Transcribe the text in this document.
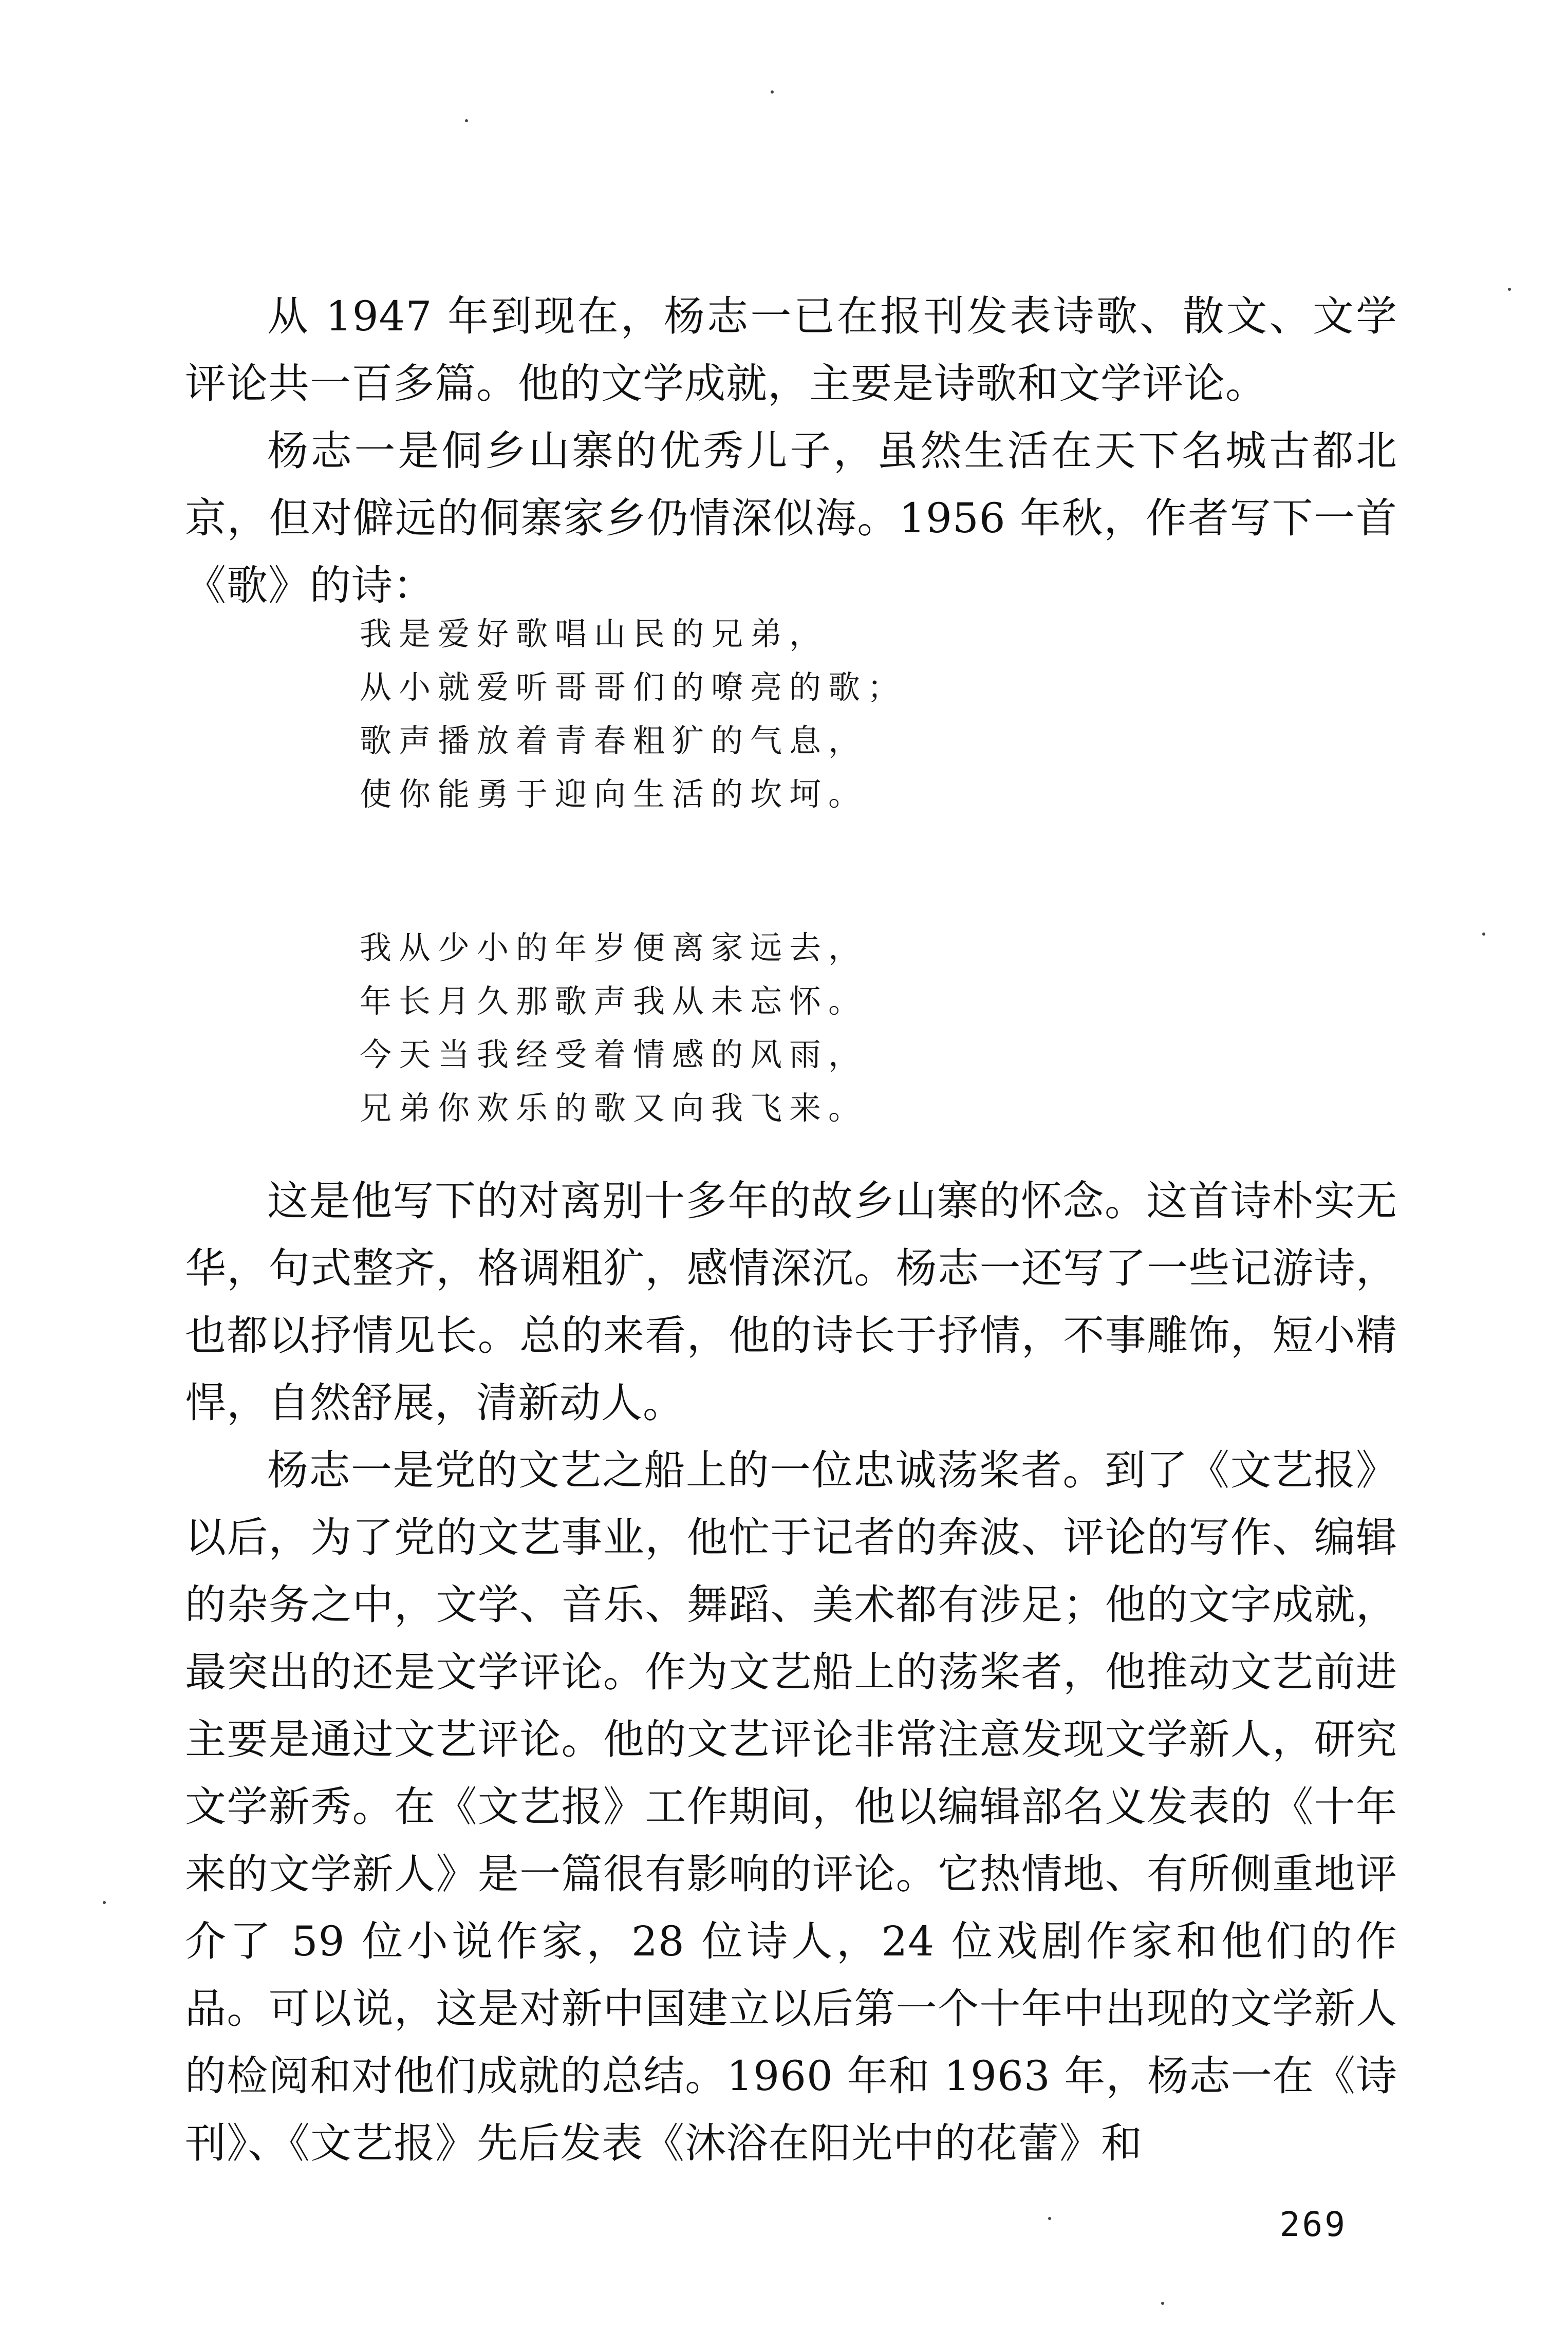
从 1947 年到现在，杨志一已在报刊发表诗歌、散文、文学评论共一百多篇。他的文学成就，主要是诗歌和文学评论。

杨志一是侗乡山寨的优秀儿子，虽然生活在天下名城古都北京，但对僻远的侗寨家乡仍情深似海。1956 年秋，作者写下一首《歌》的诗：

我是爱好歌唱山民的兄弟，
从小就爱听哥哥们的嘹亮的歌；
歌声播放着青春粗犷的气息，
使你能勇于迎向生活的坎坷。
我从少小的年岁便离家远去，
年长月久那歌声我从未忘怀。
今天当我经受着情感的风雨，
兄弟你欢乐的歌又向我飞来。

这是他写下的对离别十多年的故乡山寨的怀念。这首诗朴实无华，句式整齐，格调粗犷，感情深沉。杨志一还写了一些记游诗，也都以抒情见长。总的来看，他的诗长于抒情，不事雕饰，短小精悍，自然舒展，清新动人。

杨志一是党的文艺之船上的一位忠诚荡桨者。到了《文艺报》以后，为了党的文艺事业，他忙于记者的奔波、评论的写作、编辑的杂务之中，文学、音乐、舞蹈、美术都有涉足；他的文字成就，最突出的还是文学评论。作为文艺船上的荡桨者，他推动文艺前进主要是通过文艺评论。他的文艺评论非常注意发现文学新人，研究文学新秀。在《文艺报》工作期间，他以编辑部名义发表的《十年来的文学新人》是一篇很有影响的评论。它热情地、有所侧重地评介了 59 位小说作家，28 位诗人，24 位戏剧作家和他们的作品。可以说，这是对新中国建立以后第一个十年中出现的文学新人的检阅和对他们成就的总结。1960 年和 1963 年，杨志一在《诗刊》、《文艺报》先后发表《沐浴在阳光中的花蕾》和

269
